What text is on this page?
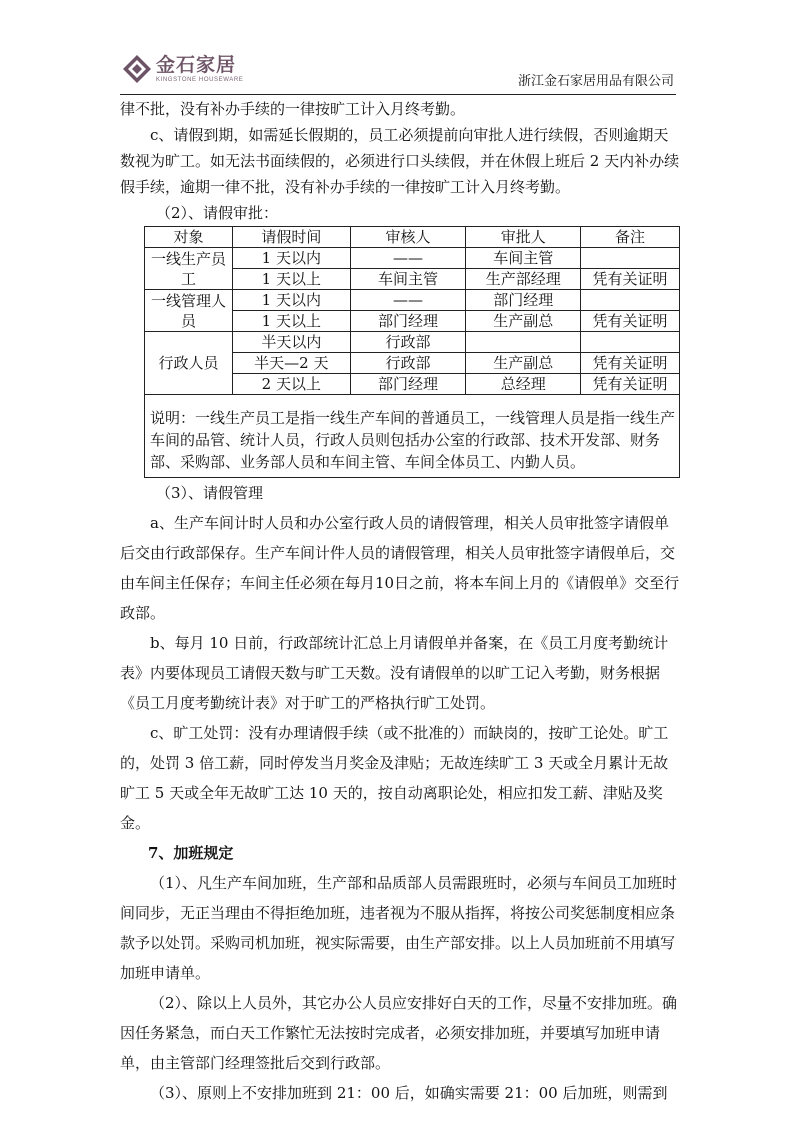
金石家居
KINGSTONE HOUSEWARE	浙江金石家居用品有限公司

律不批，没有补办手续的一律按旷工计入月终考勤。

c、请假到期，如需延长假期的，员工必须提前向审批人进行续假，否则逾期天数视为旷工。如无法书面续假的，必须进行口头续假，并在休假上班后 2 天内补办续假手续，逾期一律不批，没有补办手续的一律按旷工计入月终考勤。

（2）、请假审批：

对象	请假时间	审核人	审批人	备注
一线生产员工	1 天以内	——	车间主管	
	1 天以上	车间主管	生产部经理	凭有关证明
一线管理人员	1 天以内	——	部门经理	
	1 天以上	部门经理	生产副总	凭有关证明
行政人员	半天以内	行政部		
	半天—2 天	行政部	生产副总	凭有关证明
	2 天以上	部门经理	总经理	凭有关证明
说明：一线生产员工是指一线生产车间的普通员工，一线管理人员是指一线生产车间的品管、统计人员，行政人员则包括办公室的行政部、技术开发部、财务部、采购部、业务部人员和车间主管、车间全体员工、内勤人员。				

（3）、请假管理

a、生产车间计时人员和办公室行政人员的请假管理，相关人员审批签字请假单后交由行政部保存。生产车间计件人员的请假管理，相关人员审批签字请假单后，交由车间主任保存；车间主任必须在每月10日之前，将本车间上月的《请假单》交至行政部。

b、每月 10 日前，行政部统计汇总上月请假单并备案，在《员工月度考勤统计表》内要体现员工请假天数与旷工天数。没有请假单的以旷工记入考勤，财务根据《员工月度考勤统计表》对于旷工的严格执行旷工处罚。

c、旷工处罚：没有办理请假手续（或不批准的）而缺岗的，按旷工论处。旷工的，处罚 3 倍工薪，同时停发当月奖金及津贴；无故连续旷工 3 天或全月累计无故旷工 5 天或全年无故旷工达 10 天的，按自动离职论处，相应扣发工薪、津贴及奖金。

7、加班规定

（1）、凡生产车间加班，生产部和品质部人员需跟班时，必须与车间员工加班时间同步，无正当理由不得拒绝加班，违者视为不服从指挥，将按公司奖惩制度相应条款予以处罚。采购司机加班，视实际需要，由生产部安排。以上人员加班前不用填写加班申请单。

（2）、除以上人员外，其它办公人员应安排好白天的工作，尽量不安排加班。确因任务紧急，而白天工作繁忙无法按时完成者，必须安排加班，并要填写加班申请单，由主管部门经理签批后交到行政部。

（3）、原则上不安排加班到 21：00 后，如确实需要 21：00 后加班，则需到
